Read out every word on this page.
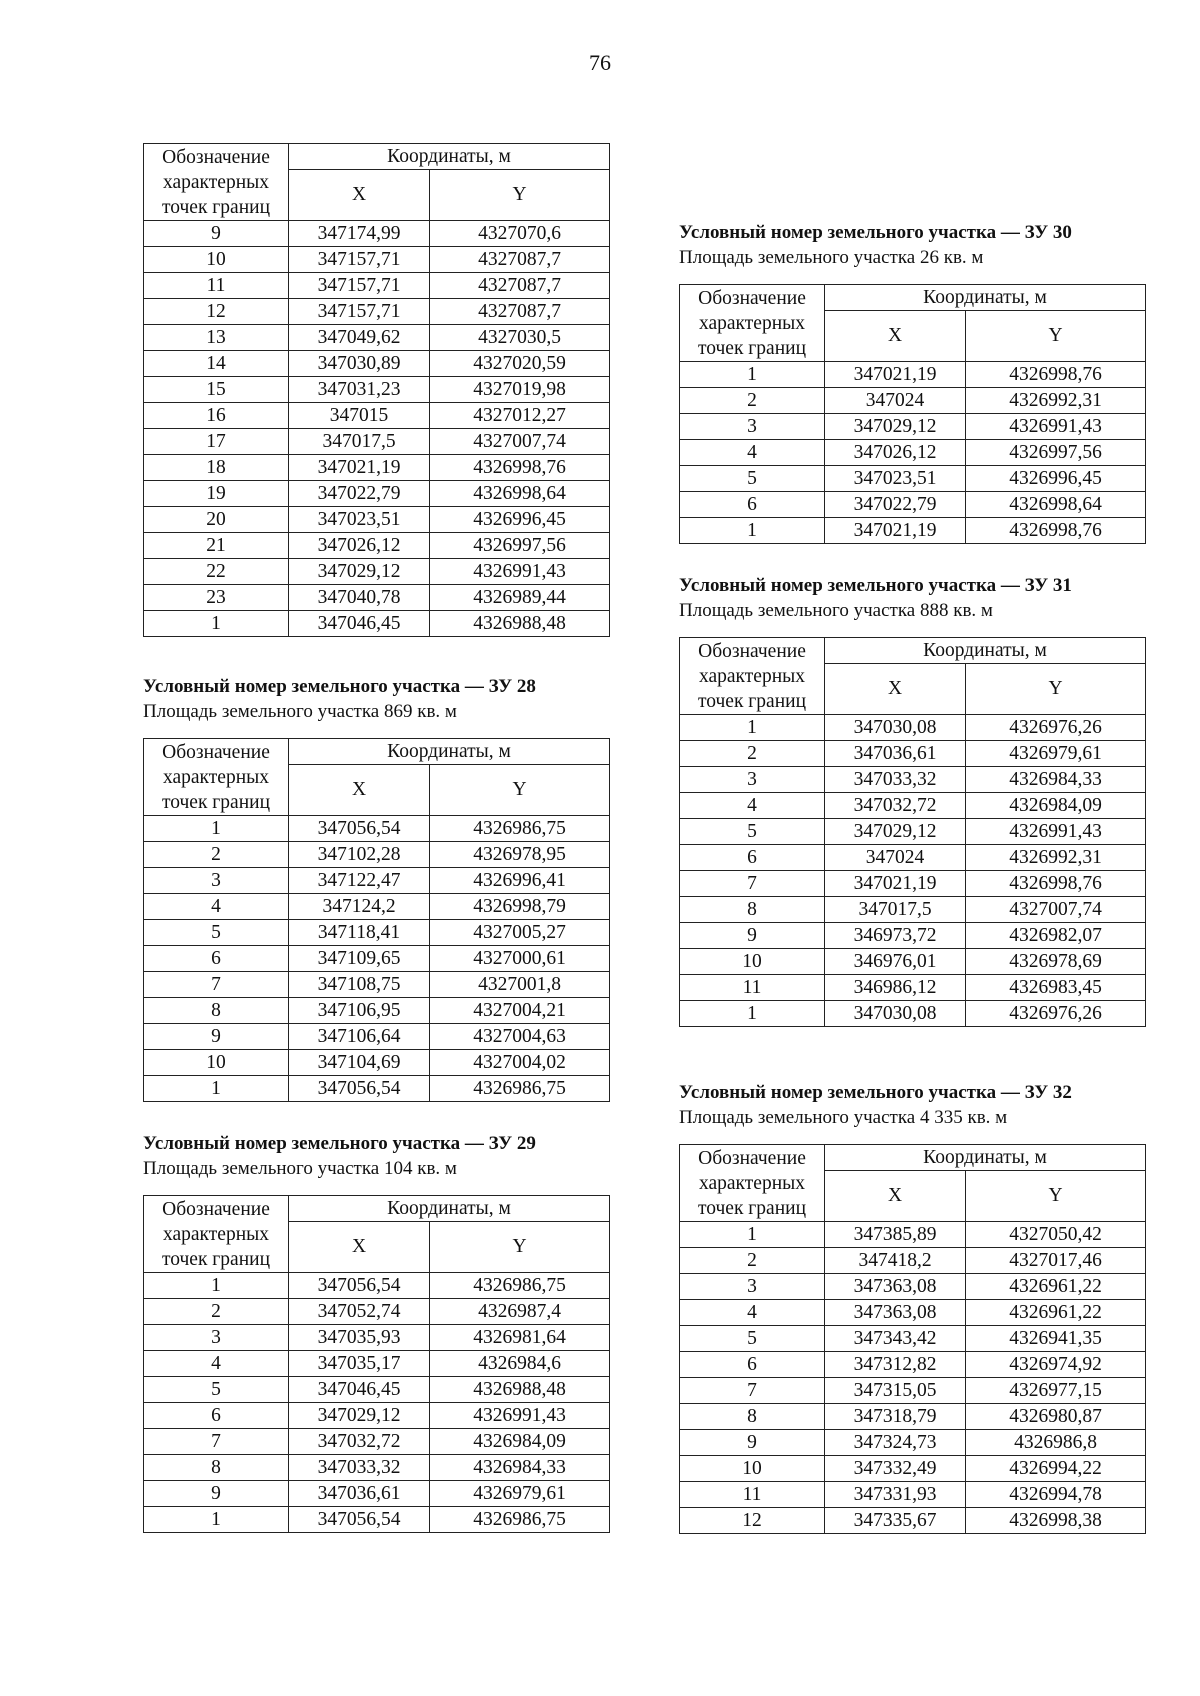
76
Обозначение характерных точек границ	Координаты, м	
	X	Y
9	347174,99	4327070,6
10	347157,71	4327087,7
11	347157,71	4327087,7
12	347157,71	4327087,7
13	347049,62	4327030,5
14	347030,89	4327020,59
15	347031,23	4327019,98
16	347015	4327012,27
17	347017,5	4327007,74
18	347021,19	4326998,76
19	347022,79	4326998,64
20	347023,51	4326996,45
21	347026,12	4326997,56
22	347029,12	4326991,43
23	347040,78	4326989,44
1	347046,45	4326988,48
Условный номер земельного участка — ЗУ 28
Площадь земельного участка 869 кв. м
Обозначение характерных точек границ	Координаты, м	
	X	Y
1	347056,54	4326986,75
2	347102,28	4326978,95
3	347122,47	4326996,41
4	347124,2	4326998,79
5	347118,41	4327005,27
6	347109,65	4327000,61
7	347108,75	4327001,8
8	347106,95	4327004,21
9	347106,64	4327004,63
10	347104,69	4327004,02
1	347056,54	4326986,75
Условный номер земельного участка — ЗУ 29
Площадь земельного участка 104 кв. м
Обозначение характерных точек границ	Координаты, м	
	X	Y
1	347056,54	4326986,75
2	347052,74	4326987,4
3	347035,93	4326981,64
4	347035,17	4326984,6
5	347046,45	4326988,48
6	347029,12	4326991,43
7	347032,72	4326984,09
8	347033,32	4326984,33
9	347036,61	4326979,61
1	347056,54	4326986,75
Условный номер земельного участка — ЗУ 30
Площадь земельного участка 26 кв. м
Обозначение характерных точек границ	Координаты, м	
	X	Y
1	347021,19	4326998,76
2	347024	4326992,31
3	347029,12	4326991,43
4	347026,12	4326997,56
5	347023,51	4326996,45
6	347022,79	4326998,64
1	347021,19	4326998,76
Условный номер земельного участка — ЗУ 31
Площадь земельного участка 888 кв. м
Обозначение характерных точек границ	Координаты, м	
	X	Y
1	347030,08	4326976,26
2	347036,61	4326979,61
3	347033,32	4326984,33
4	347032,72	4326984,09
5	347029,12	4326991,43
6	347024	4326992,31
7	347021,19	4326998,76
8	347017,5	4327007,74
9	346973,72	4326982,07
10	346976,01	4326978,69
11	346986,12	4326983,45
1	347030,08	4326976,26
Условный номер земельного участка — ЗУ 32
Площадь земельного участка 4 335 кв. м
Обозначение характерных точек границ	Координаты, м	
	X	Y
1	347385,89	4327050,42
2	347418,2	4327017,46
3	347363,08	4326961,22
4	347363,08	4326961,22
5	347343,42	4326941,35
6	347312,82	4326974,92
7	347315,05	4326977,15
8	347318,79	4326980,87
9	347324,73	4326986,8
10	347332,49	4326994,22
11	347331,93	4326994,78
12	347335,67	4326998,38
